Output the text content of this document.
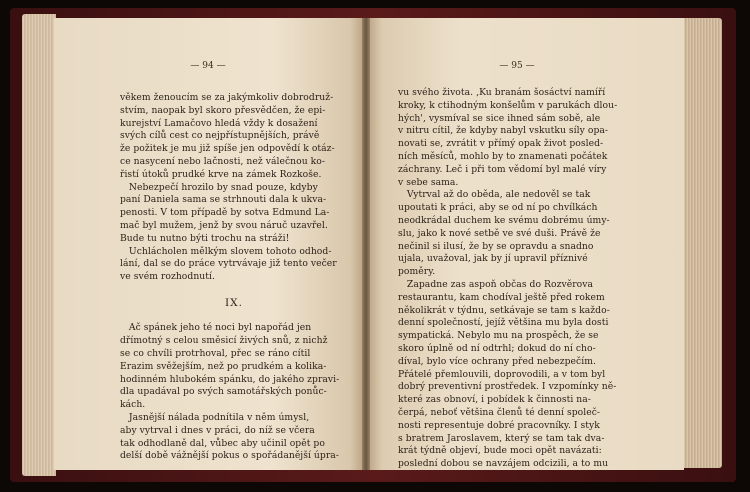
— 94 —
věkem ženoucím se za jakýmkoliv dobrodruž-
stvím, naopak byl skoro přesvědčen, že epi-
kurejství Lamačovo hledá vždy k dosažení
svých cílů cest co nejpřístupnějších, právě
že požitek je mu již spíše jen odpovědí k otáz-
ce nasycení nebo lačnosti, než válečnou ko-
řistí útoků prudké krve na zámek Rozkoše.
Nebezpečí hrozilo by snad pouze, kdyby
paní Daniela sama se strhnouti dala k ukva-
penosti. V tom případě by sotva Edmund La-
mač byl mužem, jenž by svou náruč uzavřel.
Bude tu nutno býti trochu na stráži!
Uchlácholen mělkým slovem tohoto odhod-
lání, dal se do práce vytrvávaje již tento večer
ve svém rozhodnutí.
IX.
Ač spánek jeho té noci byl napořád jen
dřímotný s celou směsicí živých snů, z nichž
se co chvíli protrhoval, přec se ráno cítil
Erazim svěžejším, než po prudkém a kolika-
hodinném hlubokém spánku, do jakého zpravi-
dla upadával po svých samotářských ponůc-
kách.
Jasnější nálada podnítila v něm úmysl,
aby vytrval i dnes v práci, do níž se včera
tak odhodlaně dal, vůbec aby učinil opět po
delší době vážnější pokus o spořádanější úpra-
— 95 —
vu svého života. ‚Ku branám šosáctví namíří
kroky, k ctihodným konšelům v parukách dlou-
hých', vysmíval se sice ihned sám sobě, ale
v nitru cítil, že kdyby nabyl vskutku síly opa-
novati se, zvrátit v přímý opak život posled-
ních měsíců, mohlo by to znamenati počátek
záchrany. Leč i při tom vědomí byl malé víry
v sebe sama.
Vytrval až do oběda, ale nedověl se tak
upoutati k práci, aby se od ní po chvílkách
neodkrádal duchem ke svému dobrému úmy-
slu, jako k nové setbě ve své duši. Právě že
nečinil si ilusí, že by se opravdu a snadno
ujala, uvažoval, jak by jí upravil příznivé
poměry.
Zapadne zas aspoň občas do Rozvěrova
restaurantu, kam chodíval ještě před rokem
několikrát v týdnu, setkávaje se tam s každo-
denní společností, jejíž většina mu byla dosti
sympatická. Nebylo mu na prospěch, že se
skoro úplně od ní odtrhl; dokud do ní cho-
díval, bylo více ochrany před nebezpečím.
Přátelé přemlouvili, doprovodili, a v tom byl
dobrý preventivní prostředek. I vzpomínky ně-
které zas obnoví, i pobídek k činnosti na-
čerpá, neboť většina členů té denní společ-
nosti representuje dobré pracovníky. I styk
s bratrem Jaroslavem, který se tam tak dva-
krát týdně objeví, bude moci opět navázati:
poslední dobou se navzájem odcizili, a to mu
